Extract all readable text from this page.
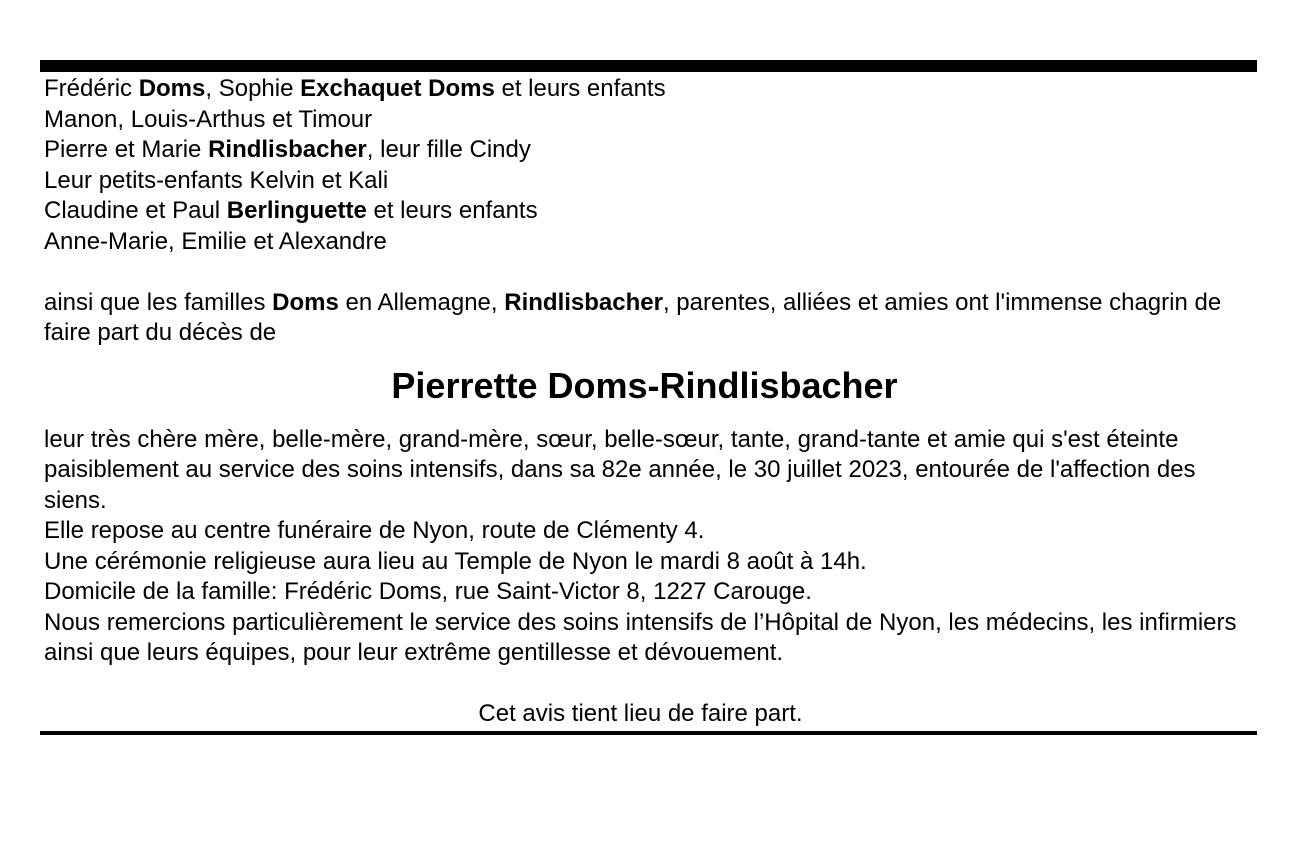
Frédéric Doms, Sophie Exchaquet Doms et leurs enfants
Manon, Louis-Arthus et Timour
Pierre et Marie Rindlisbacher, leur fille Cindy
Leur petits-enfants Kelvin et Kali
Claudine et Paul Berlinguette et leurs enfants
Anne-Marie, Emilie et Alexandre

ainsi que les familles Doms en Allemagne, Rindlisbacher, parentes, alliées et amies ont l'immense chagrin de faire part du décès de

Pierrette Doms-Rindlisbacher

leur très chère mère, belle-mère, grand-mère, sœur, belle-sœur, tante, grand-tante et amie qui s'est éteinte paisiblement au service des soins intensifs, dans sa 82e année, le 30 juillet 2023, entourée de l'affection des siens.

Elle repose au centre funéraire de Nyon, route de Clémenty 4.

Une cérémonie religieuse aura lieu au Temple de Nyon le mardi 8 août à 14h.

Domicile de la famille: Frédéric Doms, rue Saint-Victor 8, 1227 Carouge.

Nous remercions particulièrement le service des soins intensifs de l’Hôpital de Nyon, les médecins, les infirmiers ainsi que leurs équipes, pour leur extrême gentillesse et dévouement.

Cet avis tient lieu de faire part.
